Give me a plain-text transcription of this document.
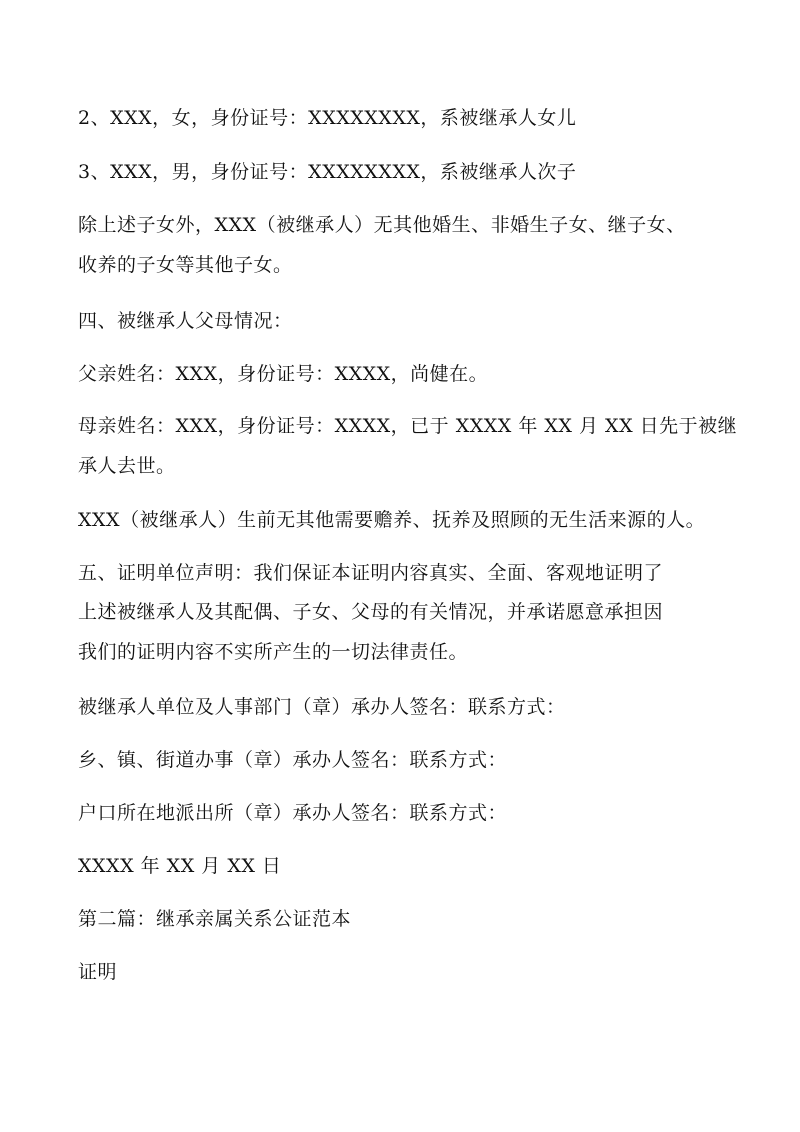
2、XXX，女，身份证号：XXXXXXXX，系被继承人女儿
3、XXX，男，身份证号：XXXXXXXX，系被继承人次子
除上述子女外，XXX（被继承人）无其他婚生、非婚生子女、继子女、
收养的子女等其他子女。
四、被继承人父母情况：
父亲姓名：XXX，身份证号：XXXX，尚健在。
母亲姓名：XXX，身份证号：XXXX，已于 XXXX 年 XX 月 XX 日先于被继
承人去世。
XXX（被继承人）生前无其他需要赡养、抚养及照顾的无生活来源的人。
五、证明单位声明：我们保证本证明内容真实、全面、客观地证明了
上述被继承人及其配偶、子女、父母的有关情况，并承诺愿意承担因
我们的证明内容不实所产生的一切法律责任。
被继承人单位及人事部门（章）承办人签名：联系方式：
乡、镇、街道办事（章）承办人签名：联系方式：
户口所在地派出所（章）承办人签名：联系方式：
XXXX 年 XX 月 XX 日
第二篇：继承亲属关系公证范本
证明
